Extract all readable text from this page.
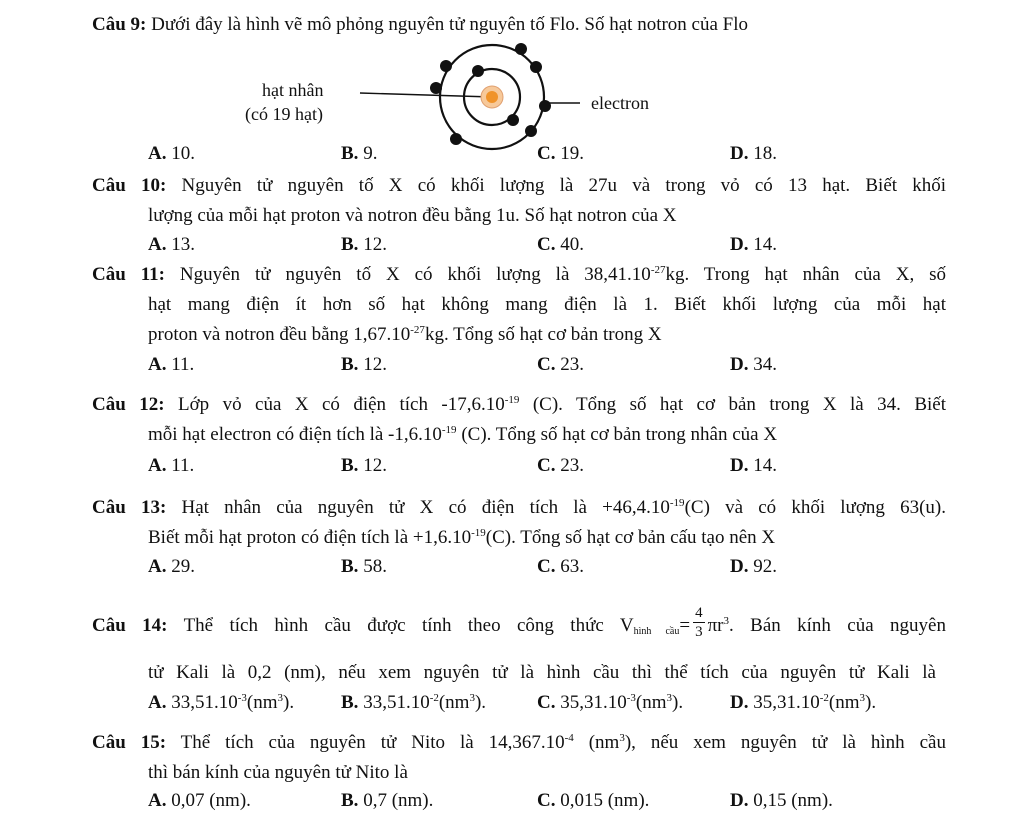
Câu 9: Dưới đây là hình vẽ mô phỏng nguyên tử nguyên tố Flo. Số hạt notron của Flo
hạt nhân
(có 19 hạt)
electron
A. 10.	B. 9.	C. 19.	D. 18.
Câu 10: Nguyên tử nguyên tố X có khối lượng là 27u và trong vỏ có 13 hạt. Biết khối
lượng của mỗi hạt proton và notron đều bằng 1u. Số hạt notron của X
A. 13.	B. 12.	C. 40.	D. 14.
Câu 11: Nguyên tử nguyên tố X có khối lượng là $38,41.10^{-27}kg$. Trong hạt nhân của X, số
hạt mang điện ít hơn số hạt không mang điện là 1. Biết khối lượng của mỗi hạt
proton và notron đều bằng $1,67.10^{-27}kg$. Tổng số hạt cơ bản trong X
A. 11.	B. 12.	C. 23.	D. 34.
Câu 12: Lớp vỏ của X có điện tích $-17,6.10^{-19}$ (C). Tổng số hạt cơ bản trong X là 34. Biết
mỗi hạt electron có điện tích là $-1,6.10^{-19}$ (C). Tổng số hạt cơ bản trong nhân của X
A. 11.	B. 12.	C. 23.	D. 14.
Câu 13: Hạt nhân của nguyên tử X có điện tích là $+46,4.10^{-19}(C)$ và có khối lượng 63(u).
Biết mỗi hạt proton có điện tích là $+1,6.10^{-19}(C)$. Tổng số hạt cơ bản cấu tạo nên X
A. 29.	B. 58.	C. 63.	D. 92.
Câu 14: Thể tích hình cầu được tính theo công thức $V_{hình cầu}= \frac{4}{3} \pi r^3$. Bán kính của nguyên
tử Kali là 0,2 (nm), nếu xem nguyên tử là hình cầu thì thể tích của nguyên tử Kali là
A. $33,51.10^{-3}(nm^3)$. B. $33,51.10^{-2}(nm^3)$.	C. $35,31.10^{-3}(nm^3)$. D. $35,31.10^{-2}(nm^3)$.
Câu 15: Thể tích của nguyên tử Nito là $14,367.10^{-4}$ $(nm^3)$, nếu xem nguyên tử là hình cầu
thì bán kính của nguyên tử Nito là
A. 0,07 (nm).	B. 0,7 (nm).	C. 0,015 (nm).	D. 0,15 (nm).
